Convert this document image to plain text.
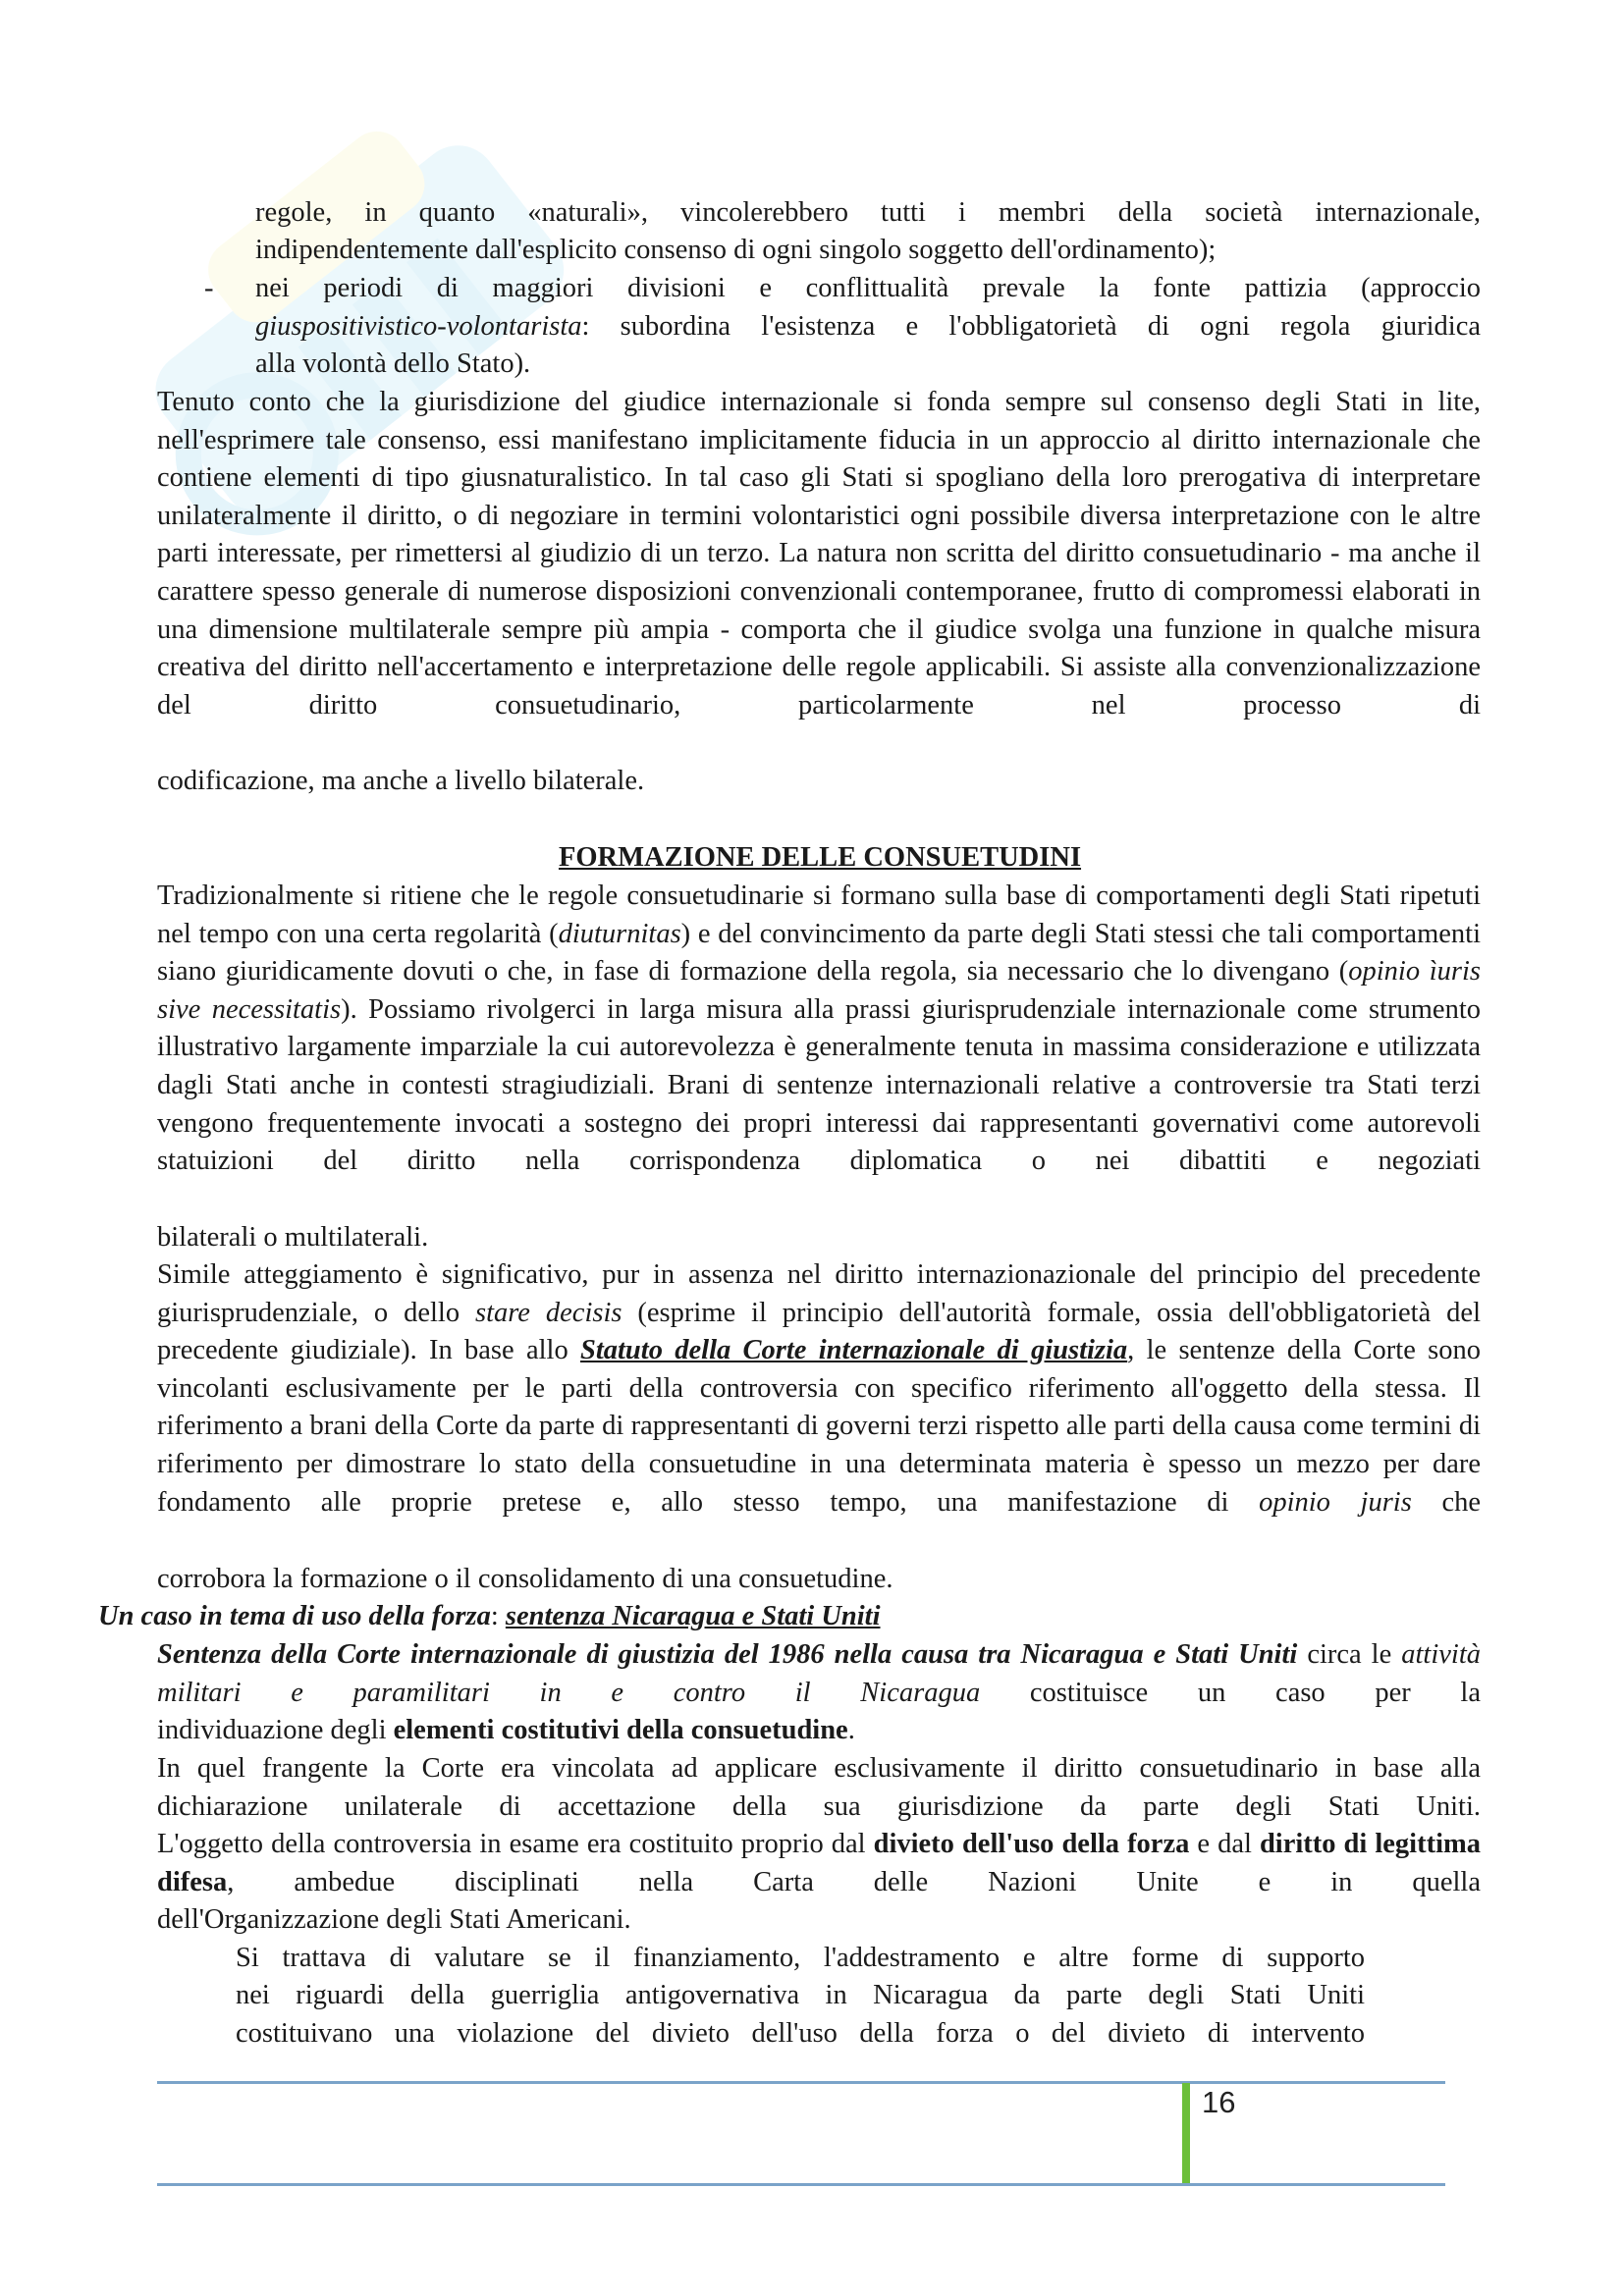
regole, in quanto «naturali», vincolerebbero tutti i membri della società internazionale,
indipendentemente dall'esplicito consenso di ogni singolo soggetto dell'ordinamento);
- nei periodi di maggiori divisioni e conflittualità prevale la fonte pattizia (approccio
giuspositivistico-volontarista: subordina l'esistenza e l'obbligatorietà di ogni regola giuridica
alla volontà dello Stato).
Tenuto conto che la giurisdizione del giudice internazionale si fonda sempre sul consenso degli Stati in lite, nell'esprimere tale consenso, essi manifestano implicitamente fiducia in un approccio al diritto internazionale che contiene elementi di tipo giusnaturalistico. In tal caso gli Stati si spogliano della loro prerogativa di interpretare unilateralmente il diritto, o di negoziare in termini volontaristici ogni possibile diversa interpretazione con le altre parti interessate, per rimettersi al giudizio di un terzo. La natura non scritta del diritto consuetudinario - ma anche il carattere spesso generale di numerose disposizioni convenzionali contemporanee, frutto di compromessi elaborati in una dimensione multilaterale sempre più ampia - comporta che il giudice svolga una funzione in qualche misura creativa del diritto nell'accertamento e interpretazione delle regole applicabili. Si assiste alla convenzionalizzazione del diritto consuetudinario, particolarmente nel processo di
codificazione, ma anche a livello bilaterale.
FORMAZIONE DELLE CONSUETUDINI
Tradizionalmente si ritiene che le regole consuetudinarie si formano sulla base di comportamenti degli Stati ripetuti nel tempo con una certa regolarità (diuturnitas) e del convincimento da parte degli Stati stessi che tali comportamenti siano giuridicamente dovuti o che, in fase di formazione della regola, sia necessario che lo divengano (opinio ìuris sive necessitatis). Possiamo rivolgerci in larga misura alla prassi giurisprudenziale internazionale come strumento illustrativo largamente imparziale la cui autorevolezza è generalmente tenuta in massima considerazione e utilizzata dagli Stati anche in contesti stragiudiziali. Brani di sentenze internazionali relative a controversie tra Stati terzi vengono frequentemente invocati a sostegno dei propri interessi dai rappresentanti governativi come autorevoli statuizioni del diritto nella corrispondenza diplomatica o nei dibattiti e negoziati
bilaterali o multilaterali.
Simile atteggiamento è significativo, pur in assenza nel diritto internazionazionale del principio del precedente giurisprudenziale, o dello stare decisis (esprime il principio dell'autorità formale, ossia dell'obbligatorietà del precedente giudiziale). In base allo Statuto della Corte internazionale di giustizia, le sentenze della Corte sono vincolanti esclusivamente per le parti della controversia con specifico riferimento all'oggetto della stessa. Il riferimento a brani della Corte da parte di rappresentanti di governi terzi rispetto alle parti della causa come termini di riferimento per dimostrare lo stato della consuetudine in una determinata materia è spesso un mezzo per dare fondamento alle proprie pretese e, allo stesso tempo, una manifestazione di opinio juris che
corrobora la formazione o il consolidamento di una consuetudine.
Un caso in tema di uso della forza: sentenza Nicaragua e Stati Uniti
Sentenza della Corte internazionale di giustizia del 1986 nella causa tra Nicaragua e Stati Uniti circa le attività militari e paramilitari in e contro il Nicaragua costituisce un caso per la
individuazione degli elementi costitutivi della consuetudine.
In quel frangente la Corte era vincolata ad applicare esclusivamente il diritto consuetudinario in base alla dichiarazione unilaterale di accettazione della sua giurisdizione da parte degli Stati Uniti.
L'oggetto della controversia in esame era costituito proprio dal divieto dell'uso della forza e dal diritto di legittima difesa, ambedue disciplinati nella Carta delle Nazioni Unite e in quella
dell'Organizzazione degli Stati Americani.
Si trattava di valutare se il finanziamento, l'addestramento e altre forme di supporto
nei riguardi della guerriglia antigovernativa in Nicaragua da parte degli Stati Uniti
costituivano una violazione del divieto dell'uso della forza o del divieto di intervento
16
